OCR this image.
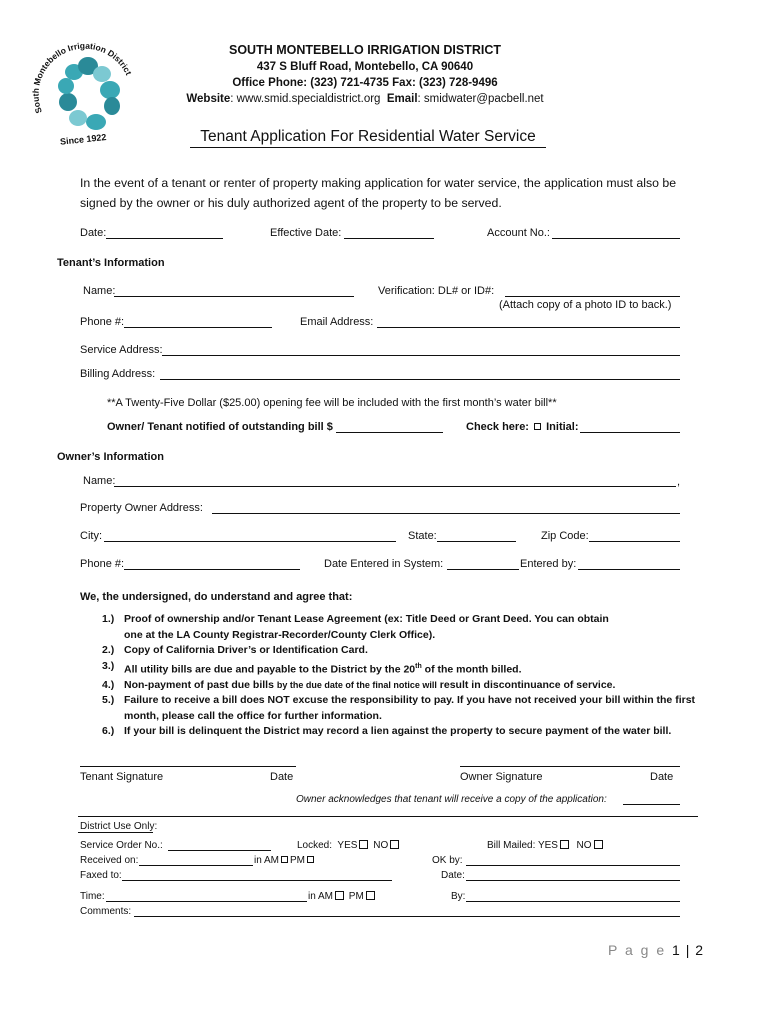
South Montebello Irrigation District
Since 1922
SOUTH MONTEBELLO IRRIGATION DISTRICT
437 S Bluff Road, Montebello, CA 90640
Office Phone: (323) 721-4735 Fax: (323) 728-9496
Website: www.smid.specialdistrict.org Email: smidwater@pacbell.net
Tenant Application For Residential Water Service
In the event of a tenant or renter of property making application for water service, the application must also be signed by the owner or his duly authorized agent of the property to be served.
Date:	Effective Date:	Account No.:
Tenant’s Information
Name:	Verification: DL# or ID#:
(Attach copy of a photo ID to back.)
Phone #:	Email Address:
Service Address:
Billing Address:
**A Twenty-Five Dollar ($25.00) opening fee will be included with the first month’s water bill**
Owner/ Tenant notified of outstanding bill $	Check here: Initial:
Owner’s Information
Name:	,
Property Owner Address:
City:	State:	Zip Code:
Phone #:	Date Entered in System:	Entered by:
We, the undersigned, do understand and agree that:
1.) Proof of ownership and/or Tenant Lease Agreement (ex: Title Deed or Grant Deed. You can obtain one at the LA County Registrar-Recorder/County Clerk Office).
2.) Copy of California Driver’s or Identification Card.
3.) All utility bills are due and payable to the District by the 20th of the month billed.
4.) Non-payment of past due bills by the due date of the final notice will result in discontinuance of service.
5.) Failure to receive a bill does NOT excuse the responsibility to pay. If you have not received your bill within the first month, please call the office for further information.
6.) If your bill is delinquent the District may record a lien against the property to secure payment of the water bill.
Tenant Signature	Date	Owner Signature	Date
Owner acknowledges that tenant will receive a copy of the application:
District Use Only:
Service Order No.:	Locked: YES NO	Bill Mailed: YES NO
Received on:	in AM PM	OK by:
Faxed to:	Date:
Time:	in AM PM	By:
Comments:
P a g e 1 | 2
